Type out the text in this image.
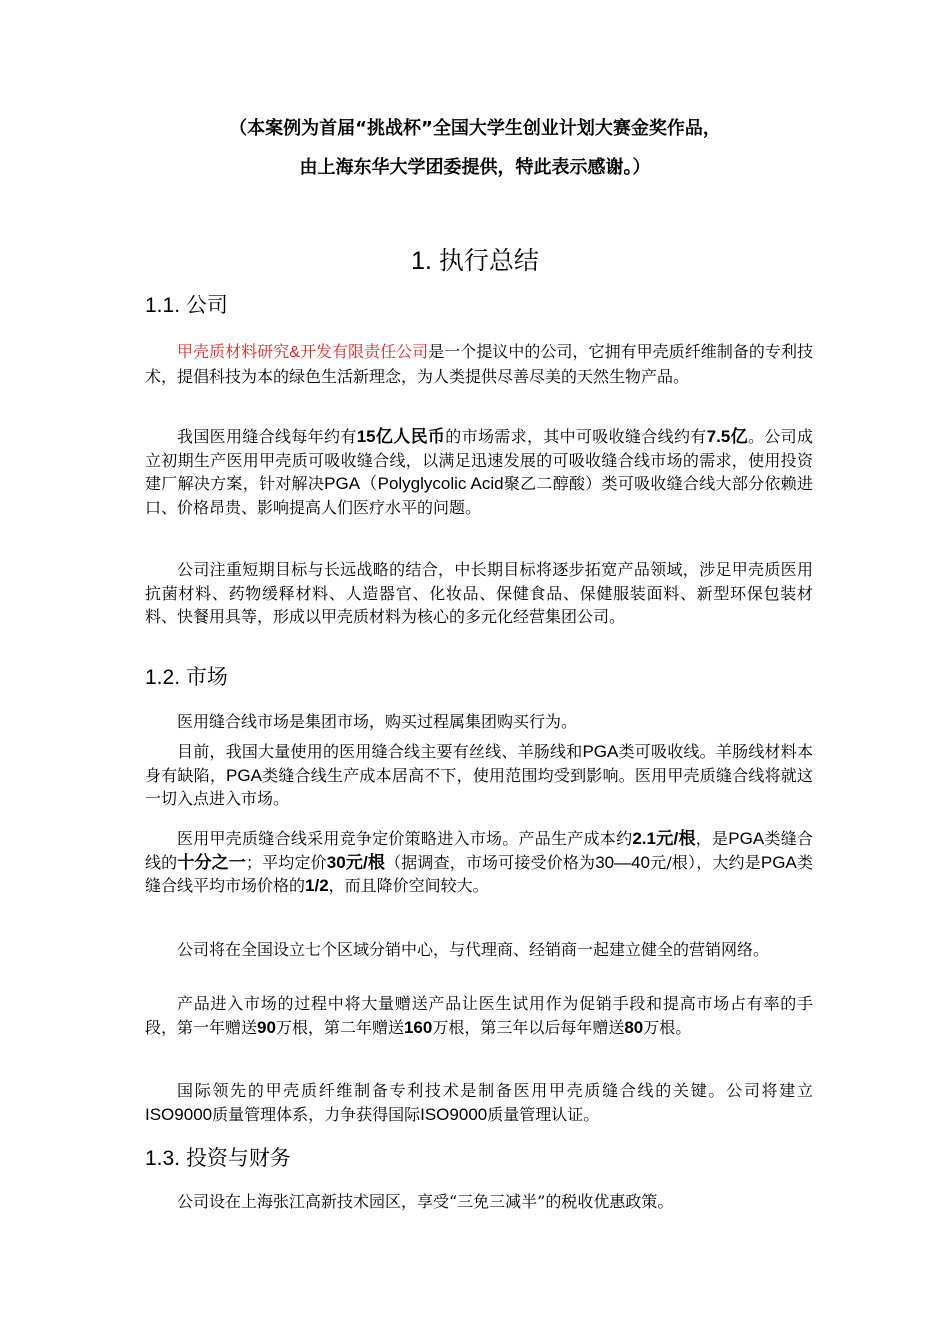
（本案例为首届“挑战杯”全国大学生创业计划大赛金奖作品，
由上海东华大学团委提供，特此表示感谢。）
1. 执行总结
1.1. 公司

甲壳质材料研究&开发有限责任公司是一个提议中的公司，它拥有甲壳质纤维制备的专利技术，提倡科技为本的绿色生活新理念，为人类提供尽善尽美的天然生物产品。

我国医用缝合线每年约有15亿人民币的市场需求，其中可吸收缝合线约有7.5亿。公司成立初期生产医用甲壳质可吸收缝合线，以满足迅速发展的可吸收缝合线市场的需求，使用投资建厂解决方案，针对解决PGA（Polyglycolic Acid聚乙二醇酸）类可吸收缝合线大部分依赖进口、价格昂贵、影响提高人们医疗水平的问题。

公司注重短期目标与长远战略的结合，中长期目标将逐步拓宽产品领域，涉足甲壳质医用抗菌材料、药物缓释材料、人造器官、化妆品、保健食品、保健服装面料、新型环保包装材料、快餐用具等，形成以甲壳质材料为核心的多元化经营集团公司。

1.2. 市场

医用缝合线市场是集团市场，购买过程属集团购买行为。

目前，我国大量使用的医用缝合线主要有丝线、羊肠线和PGA类可吸收线。羊肠线材料本身有缺陷，PGA类缝合线生产成本居高不下，使用范围均受到影响。医用甲壳质缝合线将就这一切入点进入市场。

医用甲壳质缝合线采用竞争定价策略进入市场。产品生产成本约2.1元/根，是PGA类缝合线的十分之一；平均定价30元/根（据调查，市场可接受价格为30—40元/根），大约是PGA类缝合线平均市场价格的1/2，而且降价空间较大。

公司将在全国设立七个区域分销中心，与代理商、经销商一起建立健全的营销网络。

产品进入市场的过程中将大量赠送产品让医生试用作为促销手段和提高市场占有率的手段，第一年赠送90万根，第二年赠送160万根，第三年以后每年赠送80万根。

国际领先的甲壳质纤维制备专利技术是制备医用甲壳质缝合线的关键。公司将建立ISO9000质量管理体系，力争获得国际ISO9000质量管理认证。

1.3. 投资与财务

公司设在上海张江高新技术园区，享受“三免三减半”的税收优惠政策。
